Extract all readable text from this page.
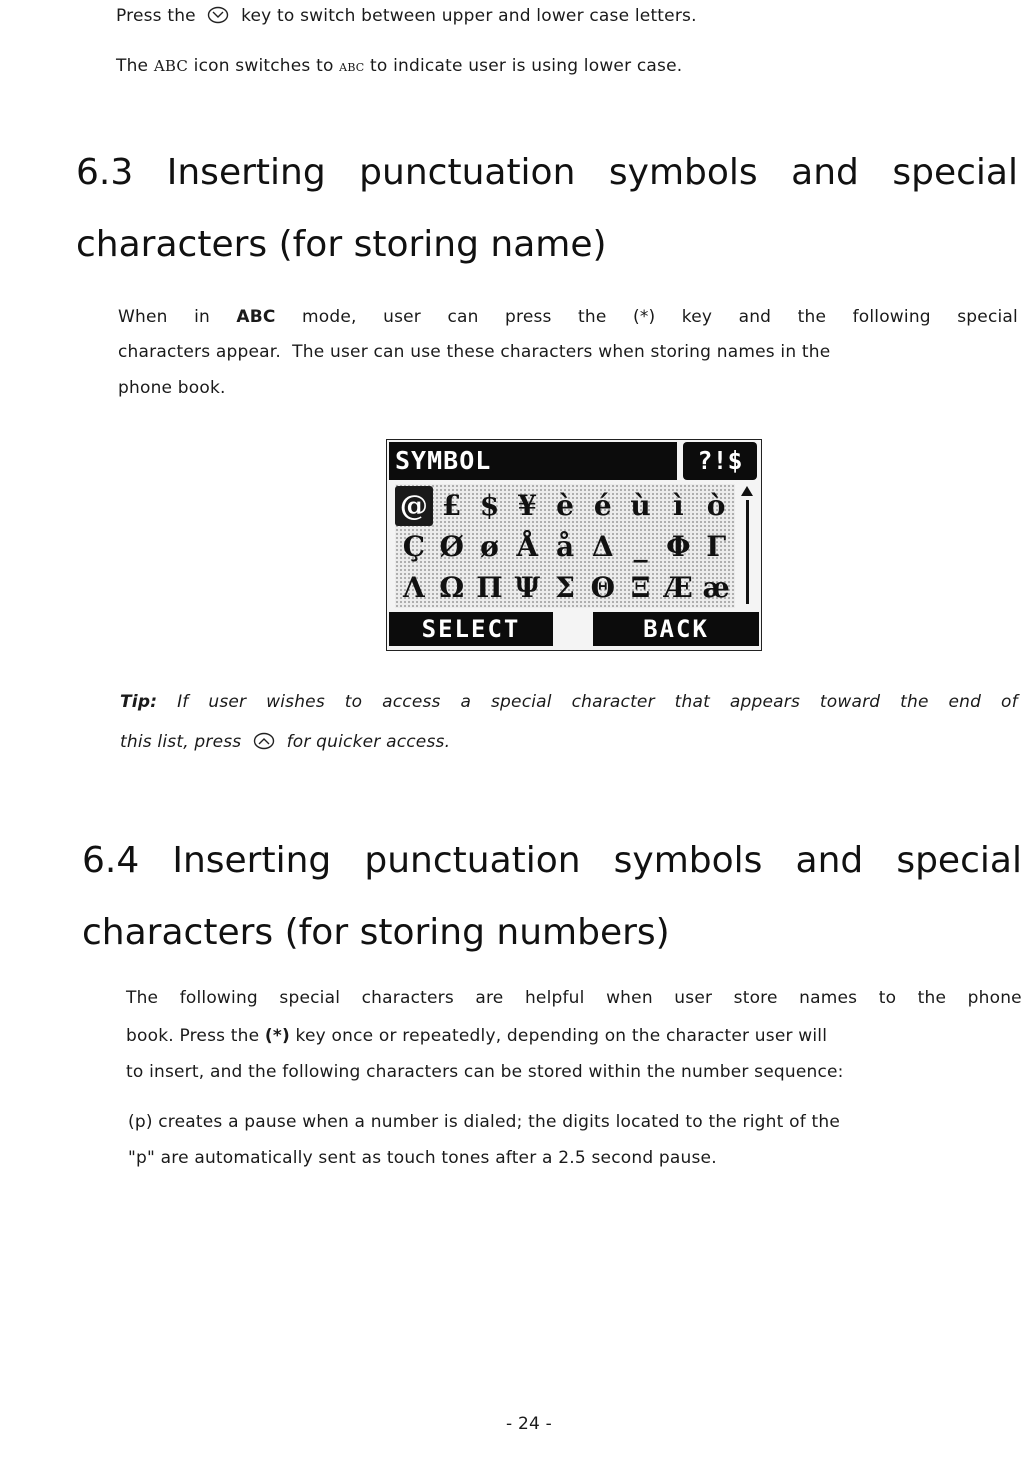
Press the	key to switch between upper and lower case letters.
The ABC icon switches to abc to indicate user is using lower case.
6.3 Inserting punctuation symbols and special
characters (for storing name)
When in ABC mode, user can press the (*) key and the following special
characters appear.  The user can use these characters when storing names in the
phone book.
SYMBOL	?!$
@ £ $ ¥ è é ù ì ò
Ç Ø ø Å å Δ _ Φ Γ
Λ Ω Π Ψ Σ Θ Ξ Æ æ
SELECT	BACK
Tip: If user wishes to access a special character that appears toward the end of
this list, press	for quicker access.
6.4 Inserting punctuation symbols and special
characters (for storing numbers)
The following special characters are helpful when user store names to the phone
book. Press the (*) key once or repeatedly, depending on the character user will
to insert, and the following characters can be stored within the number sequence:
(p) creates a pause when a number is dialed; the digits located to the right of the
"p" are automatically sent as touch tones after a 2.5 second pause.
- 24 -
